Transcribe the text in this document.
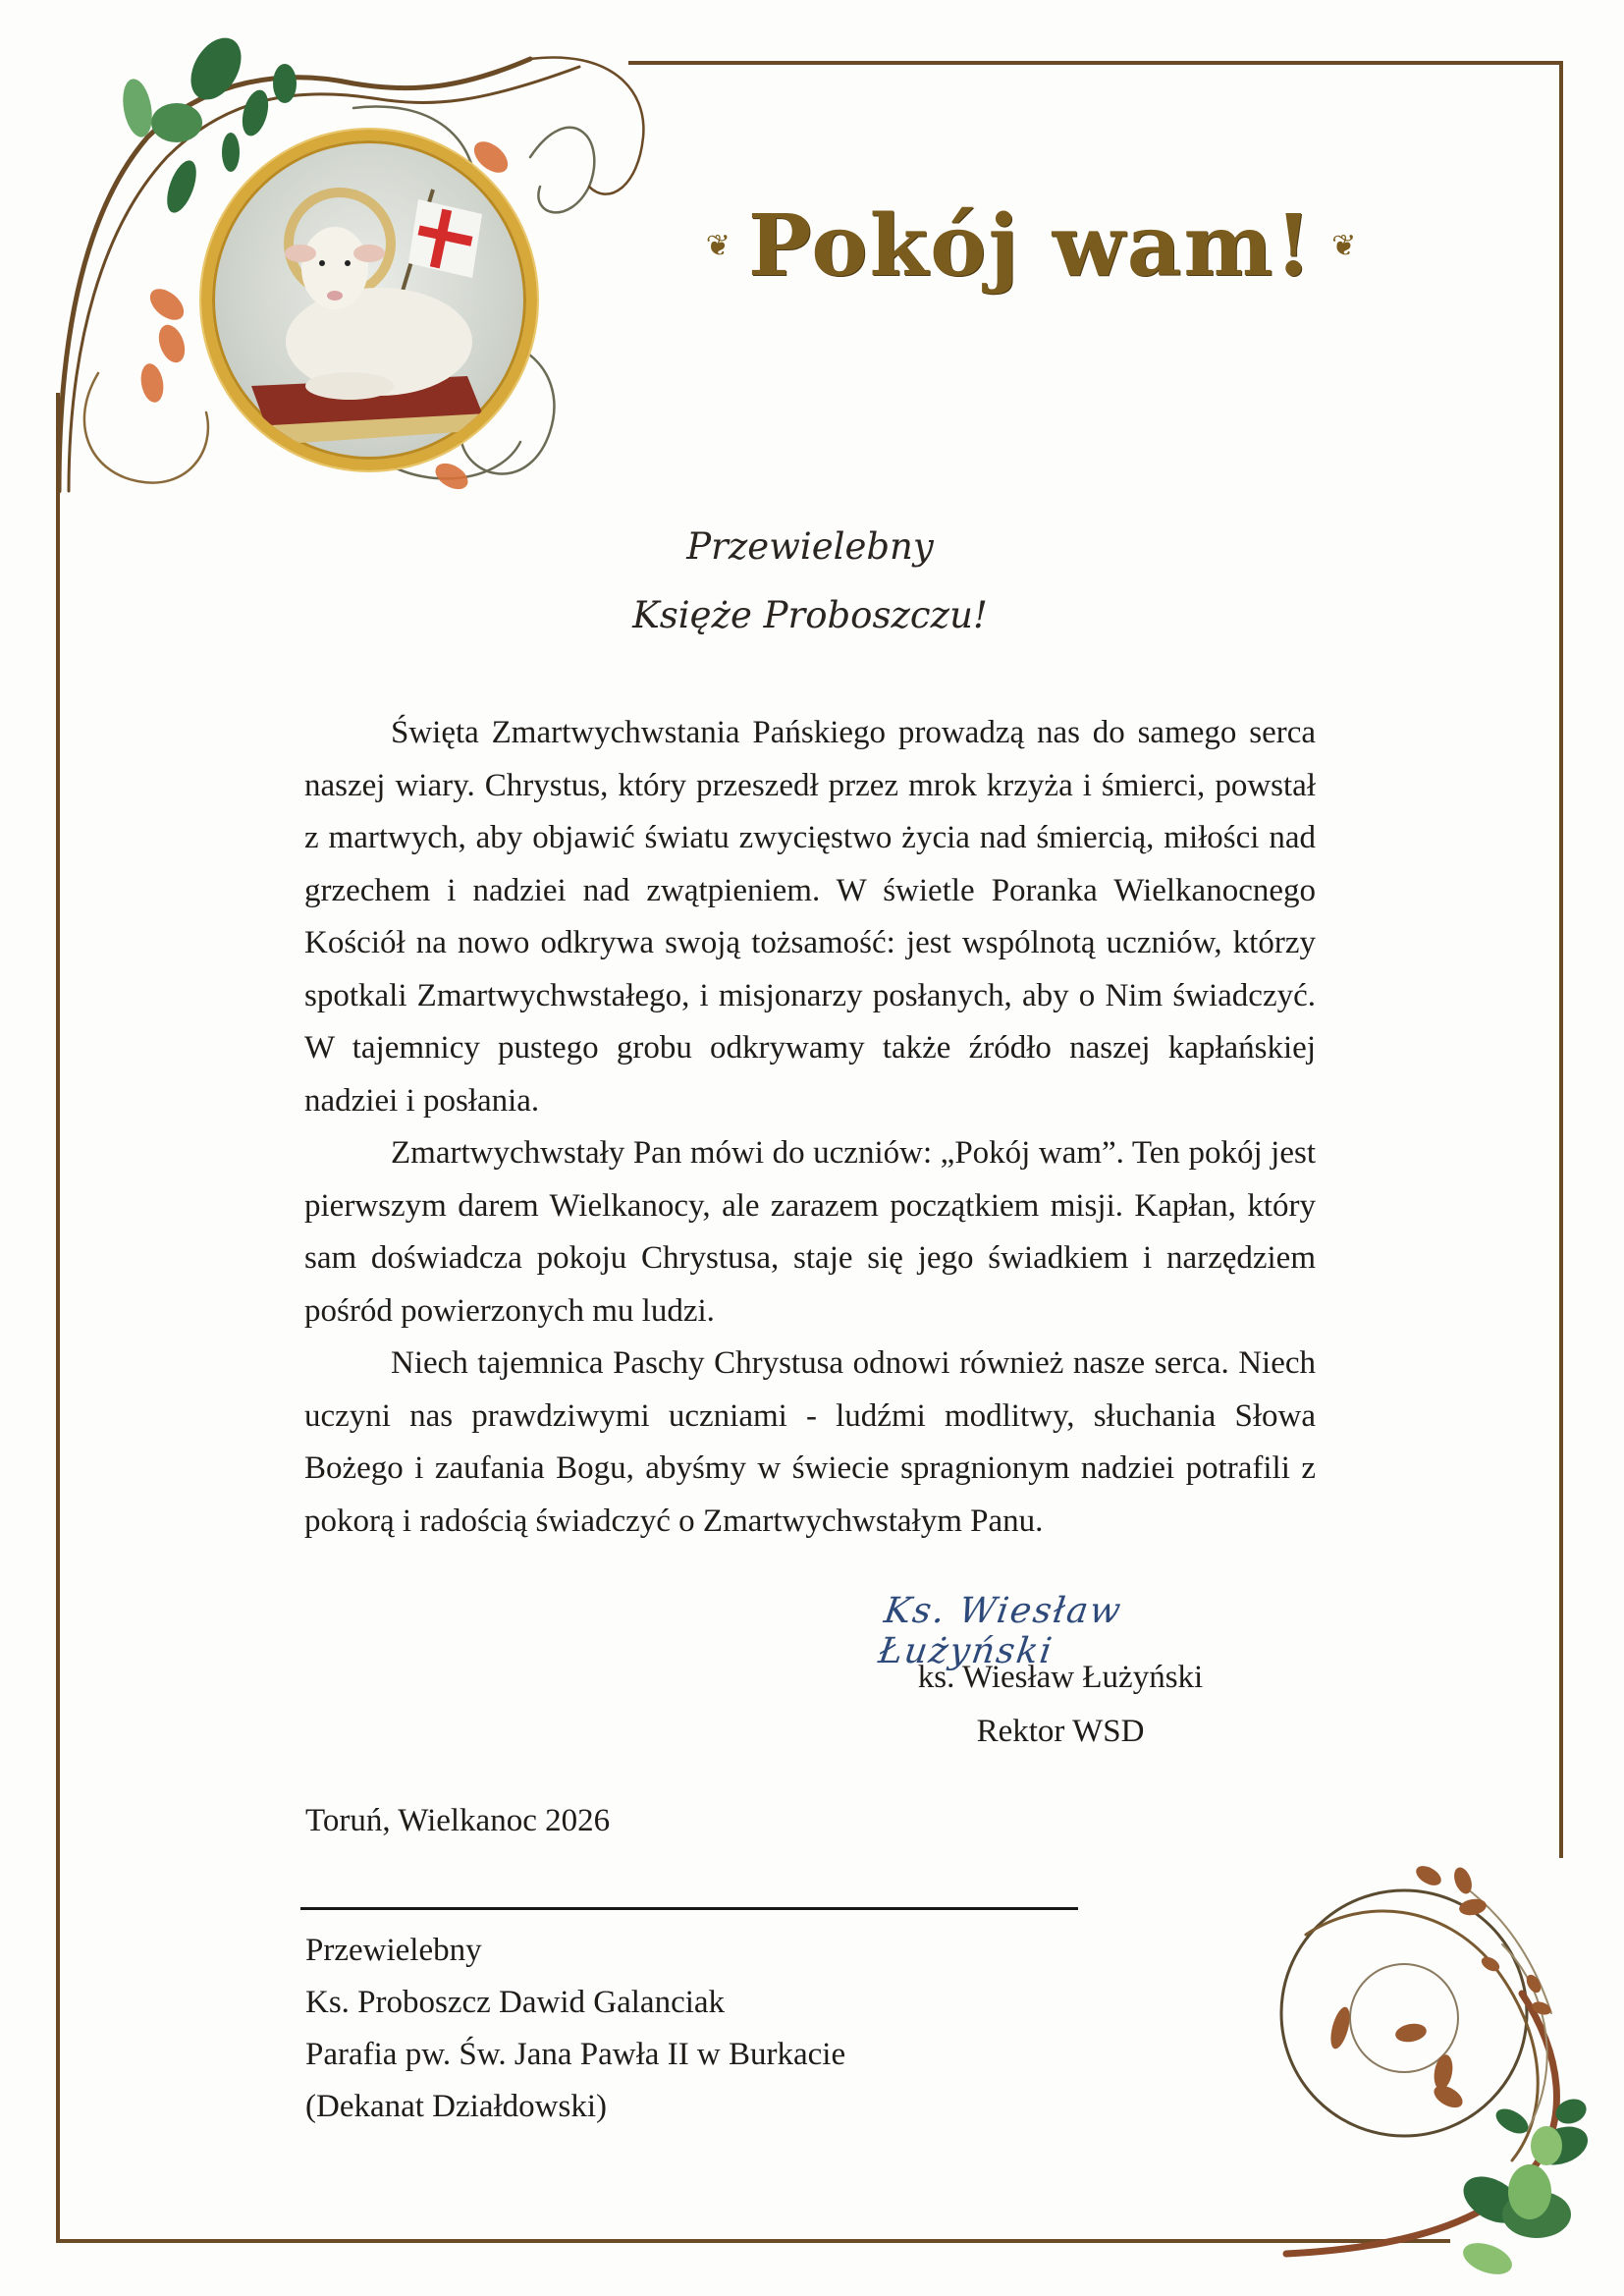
❦ Pokój wam! ❦
Przewielebny
Księże Proboszczu!

Święta Zmartwychwstania Pańskiego prowadzą nas do samego serca naszej wiary. Chrystus, który przeszedł przez mrok krzyża i śmierci, powstał z martwych, aby objawić światu zwycięstwo życia nad śmiercią, miłości nad grzechem i nadziei nad zwątpieniem. W świetle Poranka Wielkanocnego Kościół na nowo odkrywa swoją tożsamość: jest wspólnotą uczniów, którzy spotkali Zmartwychwstałego, i misjonarzy posłanych, aby o Nim świadczyć. W tajemnicy pustego grobu odkrywamy także źródło naszej kapłańskiej nadziei i posłania.

Zmartwychwstały Pan mówi do uczniów: „Pokój wam”. Ten pokój jest pierwszym darem Wielkanocy, ale zarazem początkiem misji. Kapłan, który sam doświadcza pokoju Chrystusa, staje się jego świadkiem i narzędziem pośród powierzonych mu ludzi.

Niech tajemnica Paschy Chrystusa odnowi również nasze serca. Niech uczyni nas prawdziwymi uczniami - ludźmi modlitwy, słuchania Słowa Bożego i zaufania Bogu, abyśmy w świecie spragnionym nadziei potrafili z pokorą i radością świadczyć o Zmartwychwstałym Panu.

Ks. Wiesław Łużyński
ks. Wiesław Łużyński
Rektor WSD
Toruń, Wielkanoc 2026
Przewielebny
Ks. Proboszcz Dawid Galanciak
Parafia pw. Św. Jana Pawła II w Burkacie
(Dekanat Działdowski)
